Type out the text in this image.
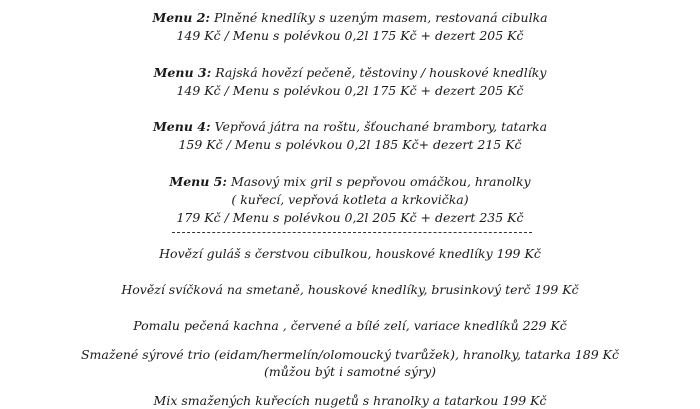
Menu 2: Plněné knedlíky s uzeným masem, restovaná cibulka
149 Kč / Menu s polévkou 0,2l 175 Kč + dezert 205 Kč
Menu 3: Rajská hovězí pečeně, těstoviny / houskové knedlíky
149 Kč / Menu s polévkou 0,2l 175 Kč + dezert 205 Kč
Menu 4: Vepřová játra na roštu, šťouchané brambory, tatarka
159 Kč / Menu s polévkou 0,2l 185 Kč+ dezert 215 Kč
Menu 5: Masový mix gril s pepřovou omáčkou, hranolky
( kuřecí, vepřová kotleta a krkovička)
179 Kč / Menu s polévkou 0,2l 205 Kč + dezert 235 Kč
Hovězí guláš s čerstvou cibulkou, houskové knedlíky 199 Kč
Hovězí svíčková na smetaně, houskové knedlíky, brusinkový terč 199 Kč
Pomalu pečená kachna , červené a bílé zelí, variace knedlíků 229 Kč
Smažené sýrové trio (eidam/hermelín/olomoucký tvarůžek), hranolky, tatarka 189 Kč
(můžou být i samotné sýry)
Mix smažených kuřecích nugetů s hranolky a tatarkou 199 Kč
